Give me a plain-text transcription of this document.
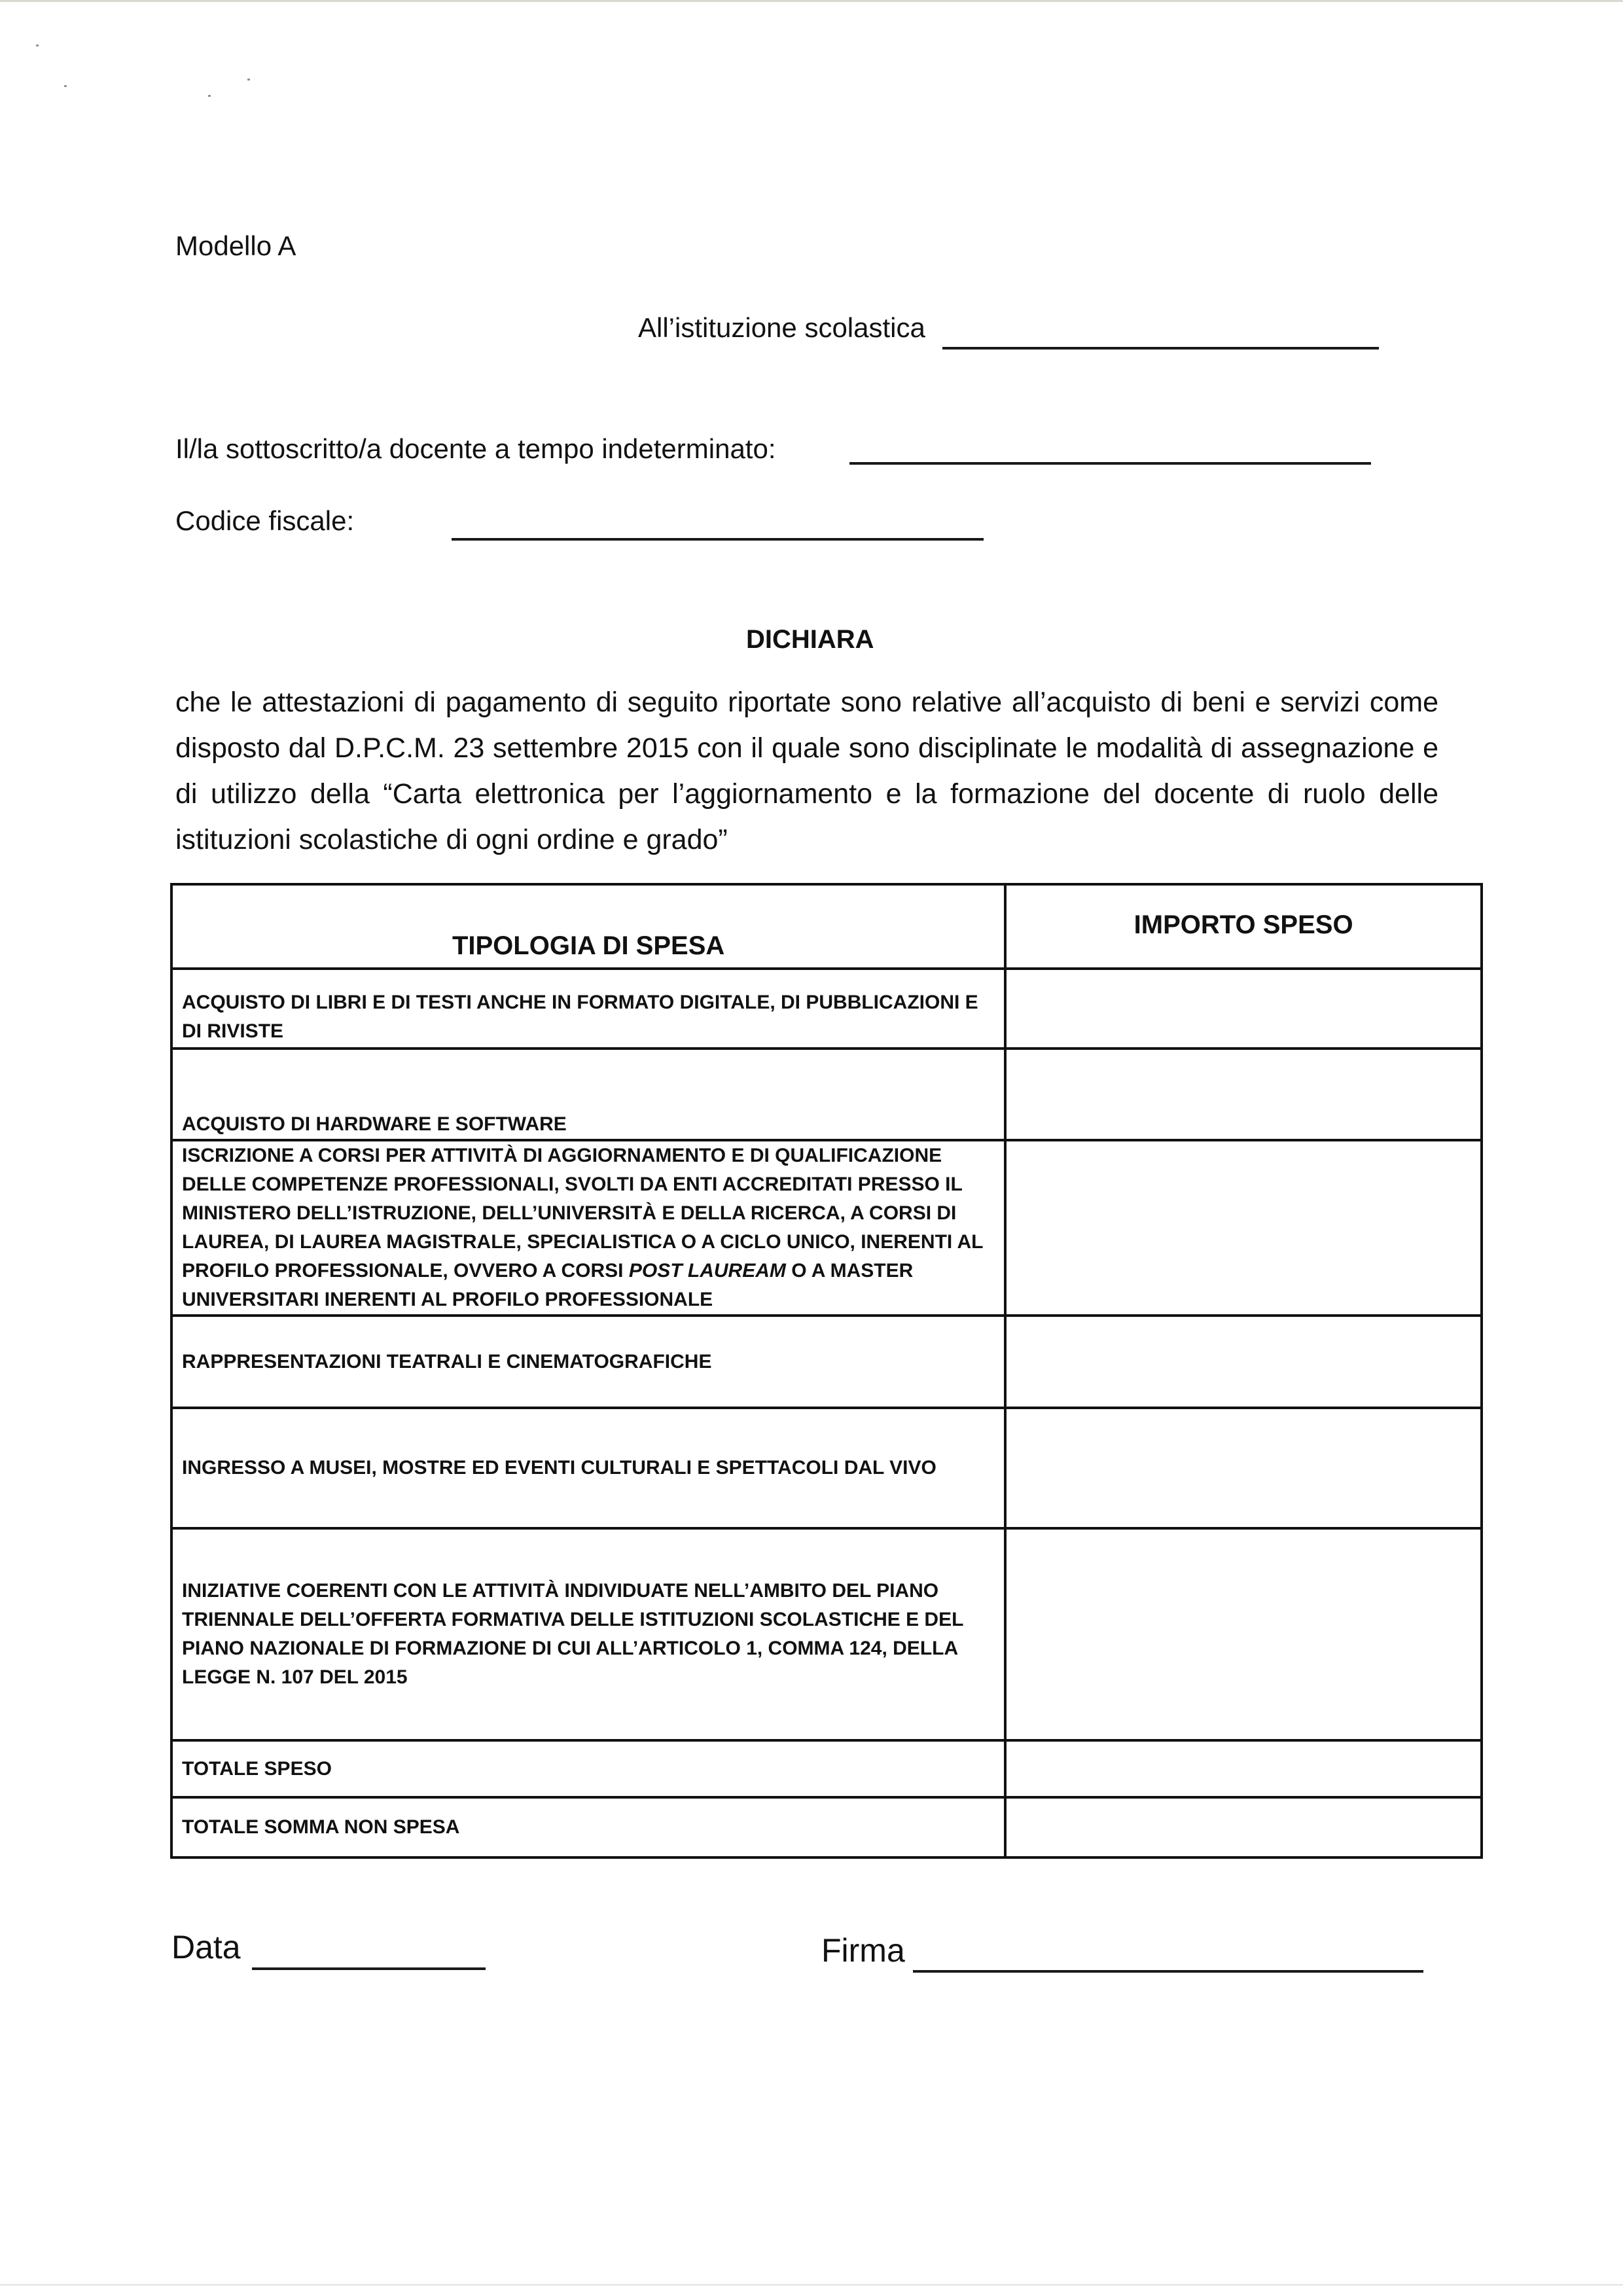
Modello A
All’istituzione scolastica
Il/la sottoscritto/a docente a tempo indeterminato:
Codice fiscale:
DICHIARA
che le attestazioni di pagamento di seguito riportate sono relative all’acquisto di beni e servizi come disposto dal D.P.C.M. 23 settembre 2015 con il quale sono disciplinate le modalità di assegnazione e di utilizzo della “Carta elettronica per l’aggiornamento e la formazione del docente di ruolo delle istituzioni scolastiche di ogni ordine e grado”
TIPOLOGIA DI SPESA	IMPORTO SPESO
ACQUISTO DI LIBRI E DI TESTI ANCHE IN FORMATO DIGITALE, DI PUBBLICAZIONI E DI RIVISTE	
ACQUISTO DI HARDWARE E SOFTWARE	
ISCRIZIONE A CORSI PER ATTIVITÀ DI AGGIORNAMENTO E DI QUALIFICAZIONE DELLE COMPETENZE PROFESSIONALI, SVOLTI DA ENTI ACCREDITATI PRESSO IL MINISTERO DELL’ISTRUZIONE, DELL’UNIVERSITÀ E DELLA RICERCA, A CORSI DI LAUREA, DI LAUREA MAGISTRALE, SPECIALISTICA O A CICLO UNICO, INERENTI AL PROFILO PROFESSIONALE, OVVERO A CORSI POST LAUREAM O A MASTER UNIVERSITARI INERENTI AL PROFILO PROFESSIONALE	
RAPPRESENTAZIONI TEATRALI E CINEMATOGRAFICHE	
INGRESSO A MUSEI, MOSTRE ED EVENTI CULTURALI E SPETTACOLI DAL VIVO	
INIZIATIVE COERENTI CON LE ATTIVITÀ INDIVIDUATE NELL’AMBITO DEL PIANO TRIENNALE DELL’OFFERTA FORMATIVA DELLE ISTITUZIONI SCOLASTICHE E DEL PIANO NAZIONALE DI FORMAZIONE DI CUI ALL’ARTICOLO 1, COMMA 124, DELLA LEGGE N. 107 DEL 2015	
TOTALE SPESO	
TOTALE SOMMA NON SPESA	
Data	Firma
